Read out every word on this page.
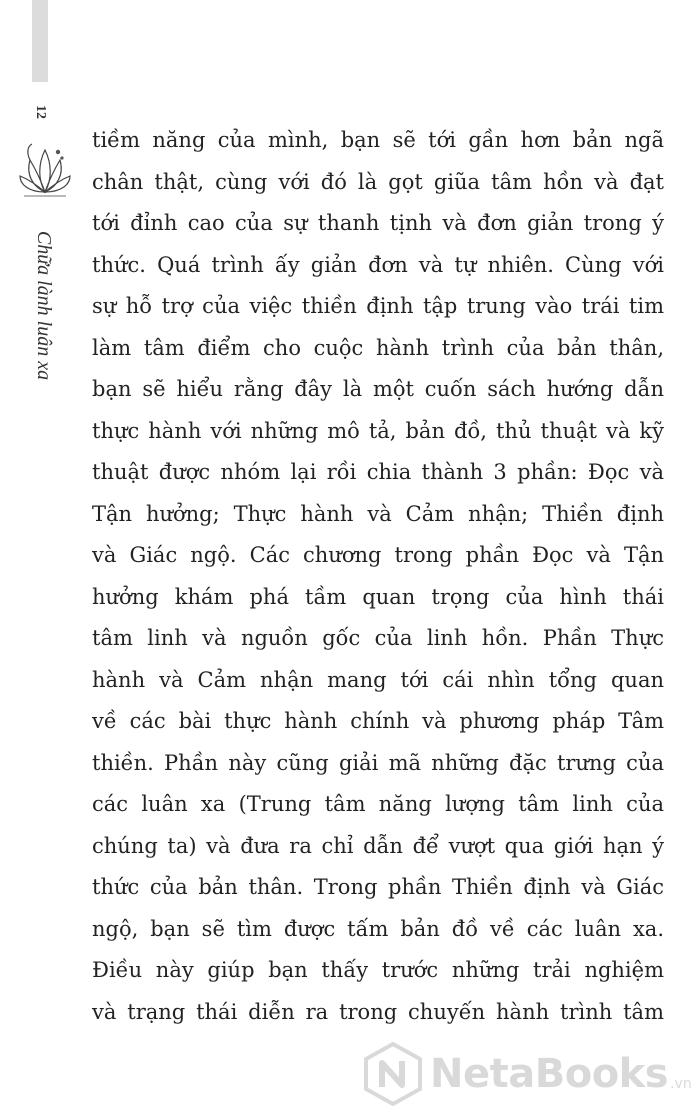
12
Chữa lành luân xa
tiềm năng của mình, bạn sẽ tới gần hơn bản ngã
chân thật, cùng với đó là gọt giũa tâm hồn và đạt
tới đỉnh cao của sự thanh tịnh và đơn giản trong ý
thức. Quá trình ấy giản đơn và tự nhiên. Cùng với
sự hỗ trợ của việc thiền định tập trung vào trái tim
làm tâm điểm cho cuộc hành trình của bản thân,
bạn sẽ hiểu rằng đây là một cuốn sách hướng dẫn
thực hành với những mô tả, bản đồ, thủ thuật và kỹ
thuật được nhóm lại rồi chia thành 3 phần: Đọc và
Tận hưởng; Thực hành và Cảm nhận; Thiền định
và Giác ngộ. Các chương trong phần Đọc và Tận
hưởng khám phá tầm quan trọng của hình thái
tâm linh và nguồn gốc của linh hồn. Phần Thực
hành và Cảm nhận mang tới cái nhìn tổng quan
về các bài thực hành chính và phương pháp Tâm
thiền. Phần này cũng giải mã những đặc trưng của
các luân xa (Trung tâm năng lượng tâm linh của
chúng ta) và đưa ra chỉ dẫn để vượt qua giới hạn ý
thức của bản thân. Trong phần Thiền định và Giác
ngộ, bạn sẽ tìm được tấm bản đồ về các luân xa.
Điều này giúp bạn thấy trước những trải nghiệm
và trạng thái diễn ra trong chuyến hành trình tâm
NetaBooks .vn
